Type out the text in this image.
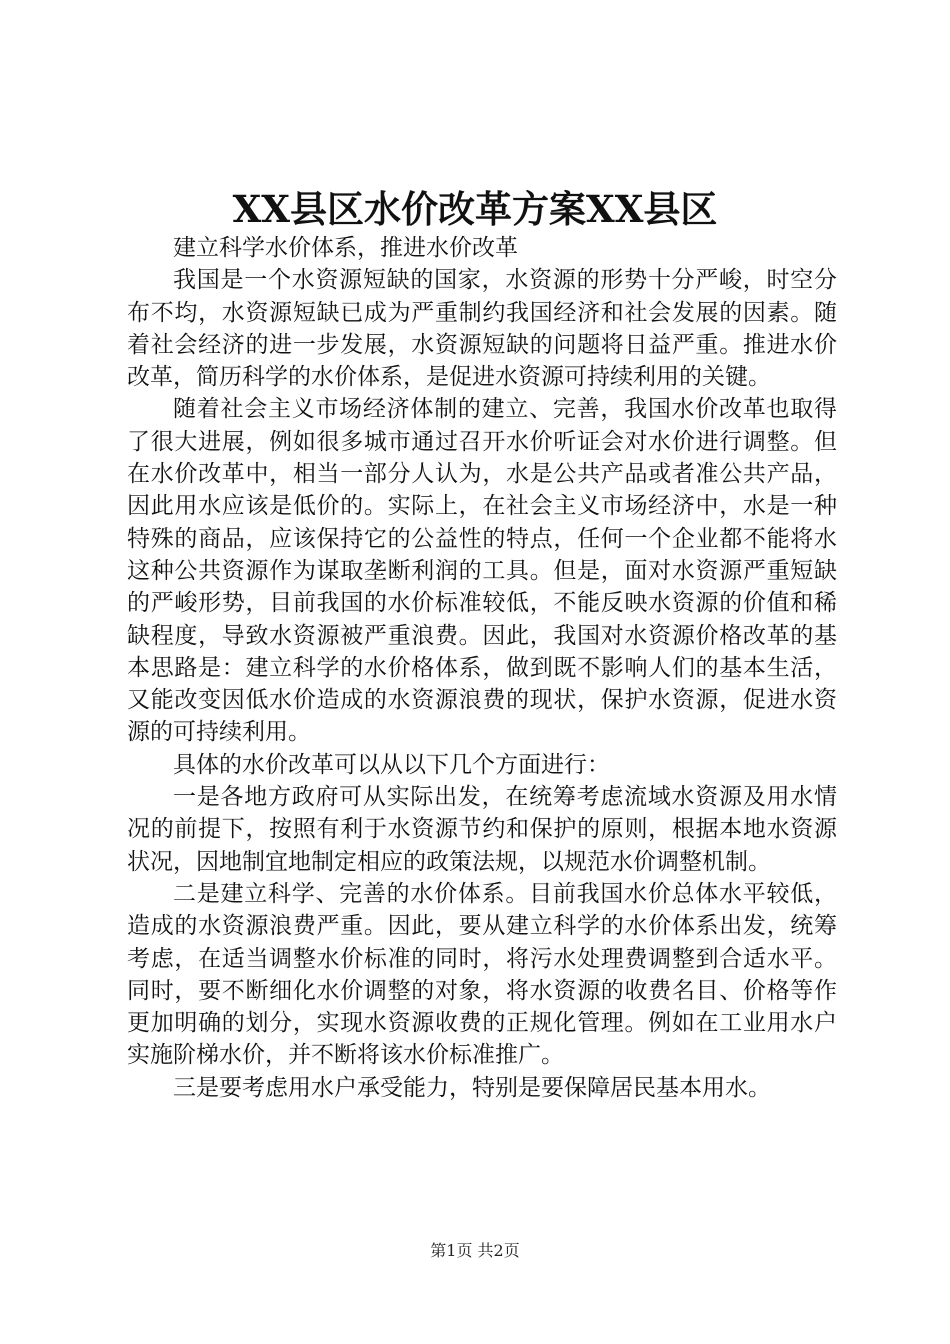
XX县区水价改革方案XX县区

建立科学水价体系，推进水价改革

我国是一个水资源短缺的国家，水资源的形势十分严峻，时空分布不均，水资源短缺已成为严重制约我国经济和社会发展的因素。随着社会经济的进一步发展，水资源短缺的问题将日益严重。推进水价改革，简历科学的水价体系，是促进水资源可持续利用的关键。

随着社会主义市场经济体制的建立、完善，我国水价改革也取得了很大进展，例如很多城市通过召开水价听证会对水价进行调整。但在水价改革中，相当一部分人认为，水是公共产品或者准公共产品，因此用水应该是低价的。实际上，在社会主义市场经济中，水是一种特殊的商品，应该保持它的公益性的特点，任何一个企业都不能将水这种公共资源作为谋取垄断利润的工具。但是，面对水资源严重短缺的严峻形势，目前我国的水价标准较低，不能反映水资源的价值和稀缺程度，导致水资源被严重浪费。因此，我国对水资源价格改革的基本思路是：建立科学的水价格体系，做到既不影响人们的基本生活，又能改变因低水价造成的水资源浪费的现状，保护水资源，促进水资源的可持续利用。

具体的水价改革可以从以下几个方面进行：

一是各地方政府可从实际出发，在统筹考虑流域水资源及用水情况的前提下，按照有利于水资源节约和保护的原则，根据本地水资源状况，因地制宜地制定相应的政策法规，以规范水价调整机制。

二是建立科学、完善的水价体系。目前我国水价总体水平较低，造成的水资源浪费严重。因此，要从建立科学的水价体系出发，统筹考虑，在适当调整水价标准的同时，将污水处理费调整到合适水平。同时，要不断细化水价调整的对象，将水资源的收费名目、价格等作更加明确的划分，实现水资源收费的正规化管理。例如在工业用水户实施阶梯水价，并不断将该水价标准推广。

三是要考虑用水户承受能力，特别是要保障居民基本用水。

第1页 共2页
